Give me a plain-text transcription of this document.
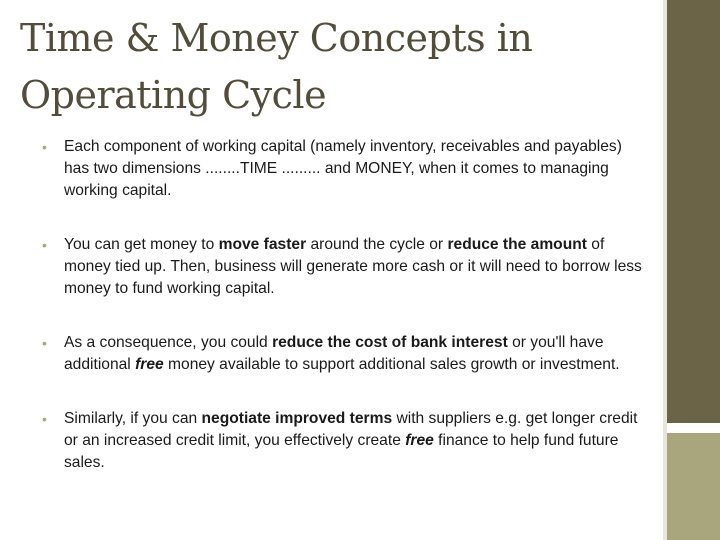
Time & Money Concepts in Operating Cycle
•	Each component of working capital (namely inventory, receivables and payables) has two dimensions ........TIME ......... and MONEY, when it comes to managing working capital.
•	You can get money to move faster around the cycle or reduce the amount of money tied up. Then, business will generate more cash or it will need to borrow less money to fund working capital.
•	As a consequence, you could reduce the cost of bank interest or you'll have additional free money available to support additional sales growth or investment.
•	Similarly, if you can negotiate improved terms with suppliers e.g. get longer credit or an increased credit limit, you effectively create free finance to help fund future sales.
